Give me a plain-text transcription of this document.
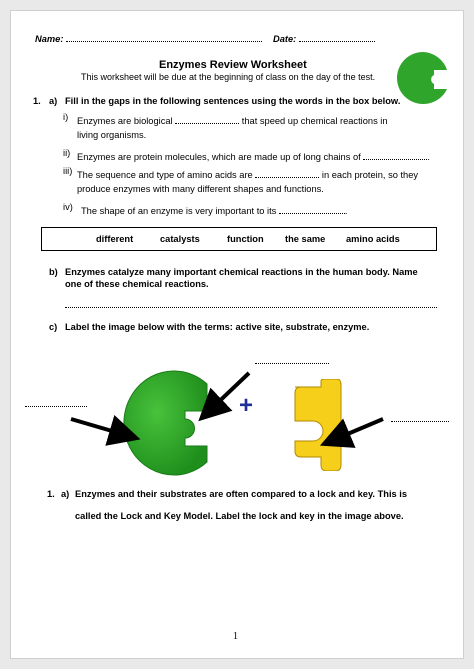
Name:	Date:
Enzymes Review Worksheet
This worksheet will be due at the beginning of class on the day of the test.
1. a) Fill in the gaps in the following sentences using the words in the box below.
i) Enzymes are biological	that speed up chemical reactions in
living organisms.
ii) Enzymes are protein molecules, which are made up of long chains of	.
iii) The sequence and type of amino acids are	in each protein, so they
produce enzymes with many different shapes and functions.
iv) The shape of an enzyme is very important to its	.
different	catalysts	function the same amino acids
b) Enzymes catalyze many important chemical reactions in the human body. Name
one of these chemical reactions.
c) Label the image below with the terms: active site, substrate, enzyme.
+
1. a) Enzymes and their substrates are often compared to a lock and key. This is
called the Lock and Key Model. Label the lock and key in the image above.
1
